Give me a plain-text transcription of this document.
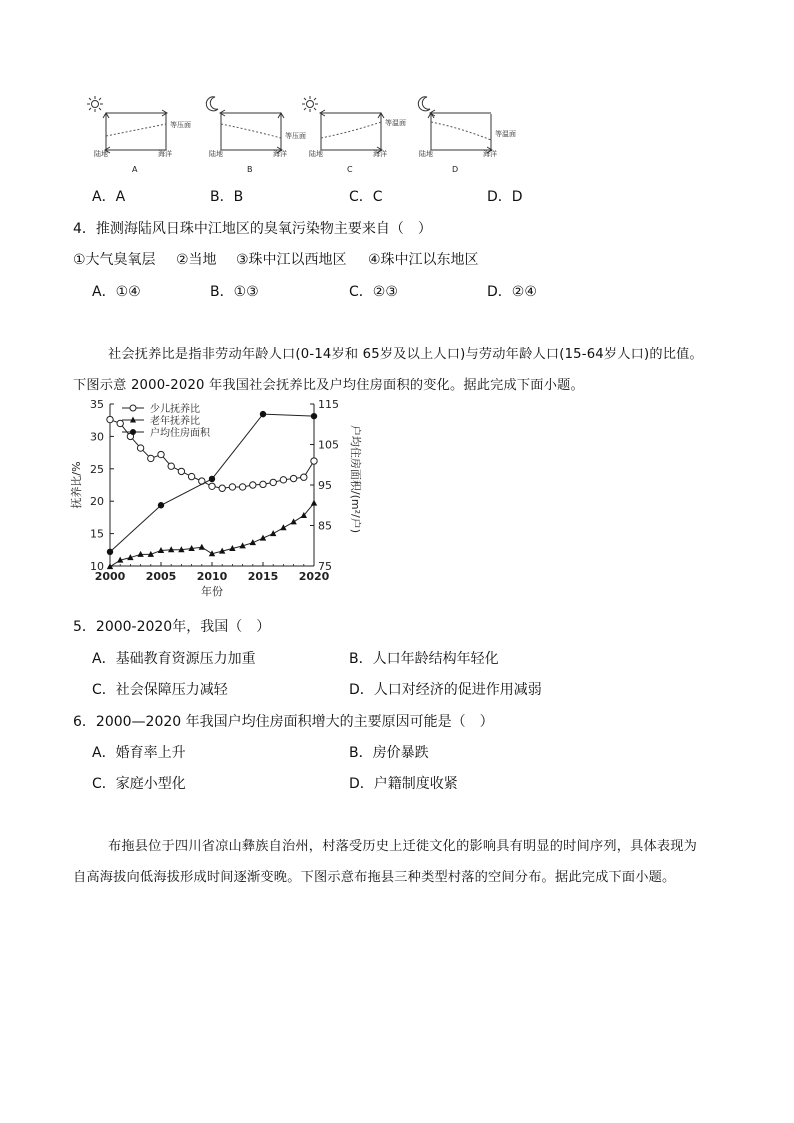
等压面
陆地	海洋
A
等压面
陆地	海洋
B
等温面
陆地	海洋
C
等温面
陆地	海洋
D
A．A	B．B	C．C	D．D
4．推测海陆风日珠中江地区的臭氧污染物主要来自（　）
①大气臭氧层 ②当地 ③珠中江以西地区 ④珠中江以东地区
A．①④	B．①③	C．②③	D．②④
社会抚养比是指非劳动年龄人口(0-14岁和 65岁及以上人口)与劳动年龄人口(15-64岁人口)的比值。
下图示意 2000-2020 年我国社会抚养比及户均住房面积的变化。据此完成下面小题。
10
15
20
25
30
35
75
85
95
105
115
2000 2005 2010 2015 2020
年份
抚养比/%	户均住房面积/(m²/户)
少儿抚养比
老年抚养比
户均住房面积
5．2000-2020年，我国（　）
A．基础教育资源压力加重	B．人口年龄结构年轻化
C．社会保障压力减轻	D．人口对经济的促进作用减弱
6．2000—2020 年我国户均住房面积增大的主要原因可能是（　）
A．婚育率上升	B．房价暴跌
C．家庭小型化	D．户籍制度收紧
布拖县位于四川省凉山彝族自治州，村落受历史上迁徙文化的影响具有明显的时间序列，具体表现为
自高海拔向低海拔形成时间逐渐变晚。下图示意布拖县三种类型村落的空间分布。据此完成下面小题。
